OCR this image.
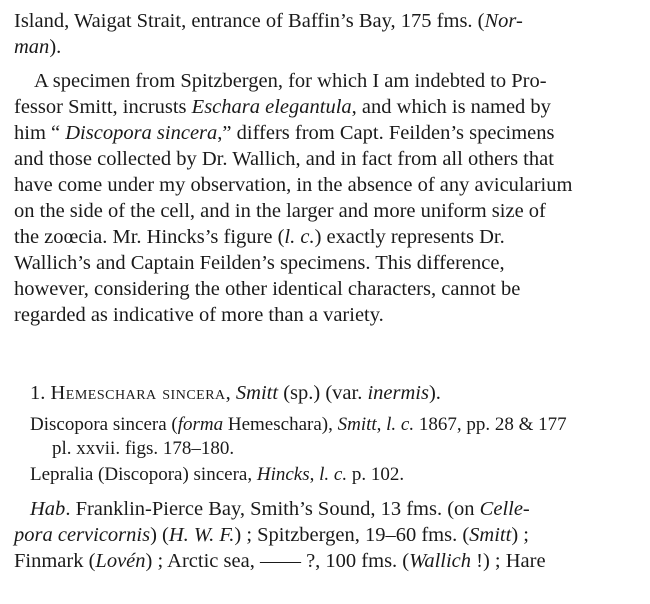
Island, Waigat Strait, entrance of Baffin’s Bay, 175 fms. (Nor-
man).
A specimen from Spitzbergen, for which I am indebted to Pro-
fessor Smitt, incrusts Eschara elegantula, and which is named by
him “ Discopora sincera,” differs from Capt. Feilden’s specimens
and those collected by Dr. Wallich, and in fact from all others that
have come under my observation, in the absence of any avicularium
on the side of the cell, and in the larger and more uniform size of
the zoœcia. Mr. Hincks’s figure (l. c.) exactly represents Dr.
Wallich’s and Captain Feilden’s specimens. This difference,
however, considering the other identical characters, cannot be
regarded as indicative of more than a variety.
1. Hemeschara sincera, Smitt (sp.) (var. inermis).
Discopora sincera (forma Hemeschara), Smitt, l. c. 1867, pp. 28 & 177
pl. xxvii. figs. 178–180.
Lepralia (Discopora) sincera, Hincks, l. c. p. 102.
Hab. Franklin-Pierce Bay, Smith’s Sound, 13 fms. (on Celle-
pora cervicornis) (H. W. F.) ; Spitzbergen, 19–60 fms. (Smitt) ;
Finmark (Lovén) ; Arctic sea, —— ?, 100 fms. (Wallich !) ; Hare
